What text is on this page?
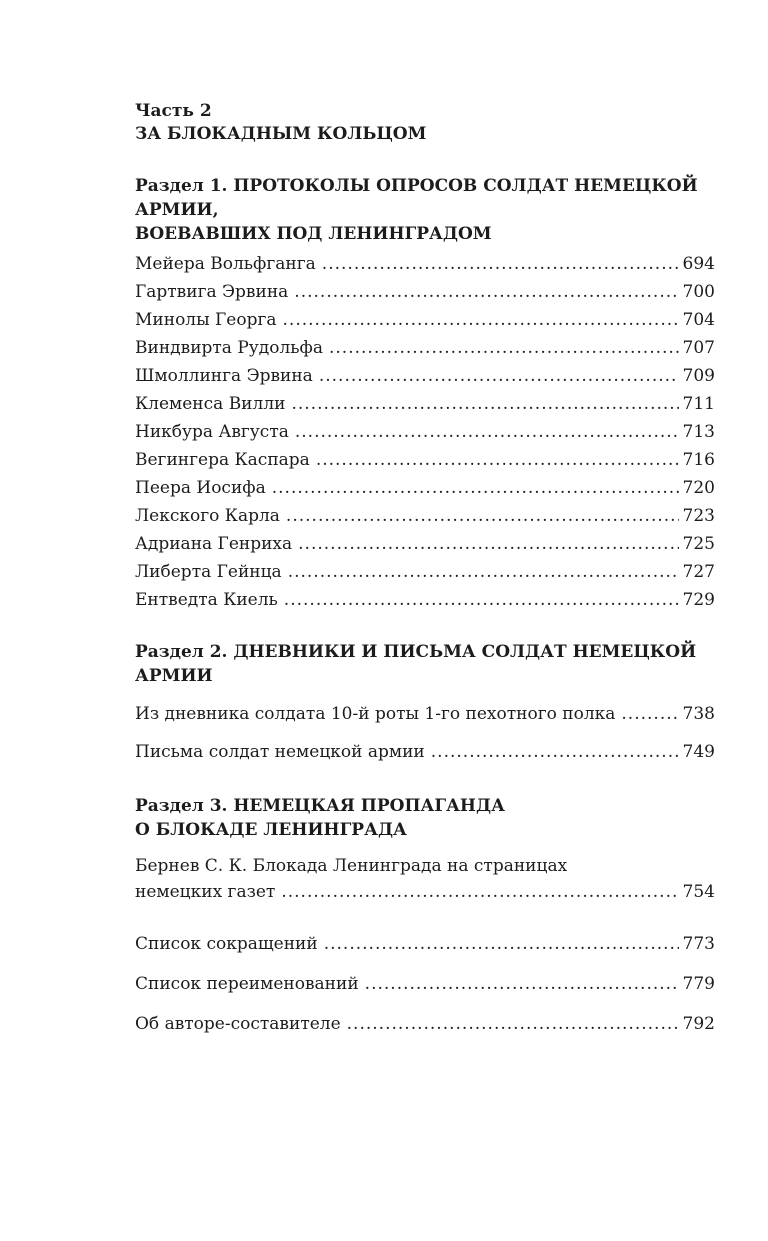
Часть 2
ЗА БЛОКАДНЫМ КОЛЬЦОМ
Раздел 1. ПРОТОКОЛЫ ОПРОСОВ СОЛДАТ НЕМЕЦКОЙ АРМИИ,
ВОЕВАВШИХ ПОД ЛЕНИНГРАДОМ
Мейера Вольфганга .....	694
Гартвига Эрвина .....	700
Минолы Георга .....	704
Виндвирта Рудольфа .....	707
Шмоллинга Эрвина .....	709
Клеменса Вилли .....	711
Никбура Августа .....	713
Вегингера Каспара .....	716
Пеера Иосифа .....	720
Лекского Карла .....	723
Адриана Генриха .....	725
Либерта Гейнца .....	727
Ентведта Киель .....	729
Раздел 2. ДНЕВНИКИ И ПИСЬМА СОЛДАТ НЕМЕЦКОЙ АРМИИ
Из дневника солдата 10-й роты 1-го пехотного полка .....	738
Письма солдат немецкой армии .....	749
Раздел 3. НЕМЕЦКАЯ ПРОПАГАНДА
О БЛОКАДЕ ЛЕНИНГРАДА
Бернев С. К. Блокада Ленинграда на страницах
немецких газет .....	754
Список сокращений .....	773
Список переименований .....	779
Об авторе-составителе .....	792
